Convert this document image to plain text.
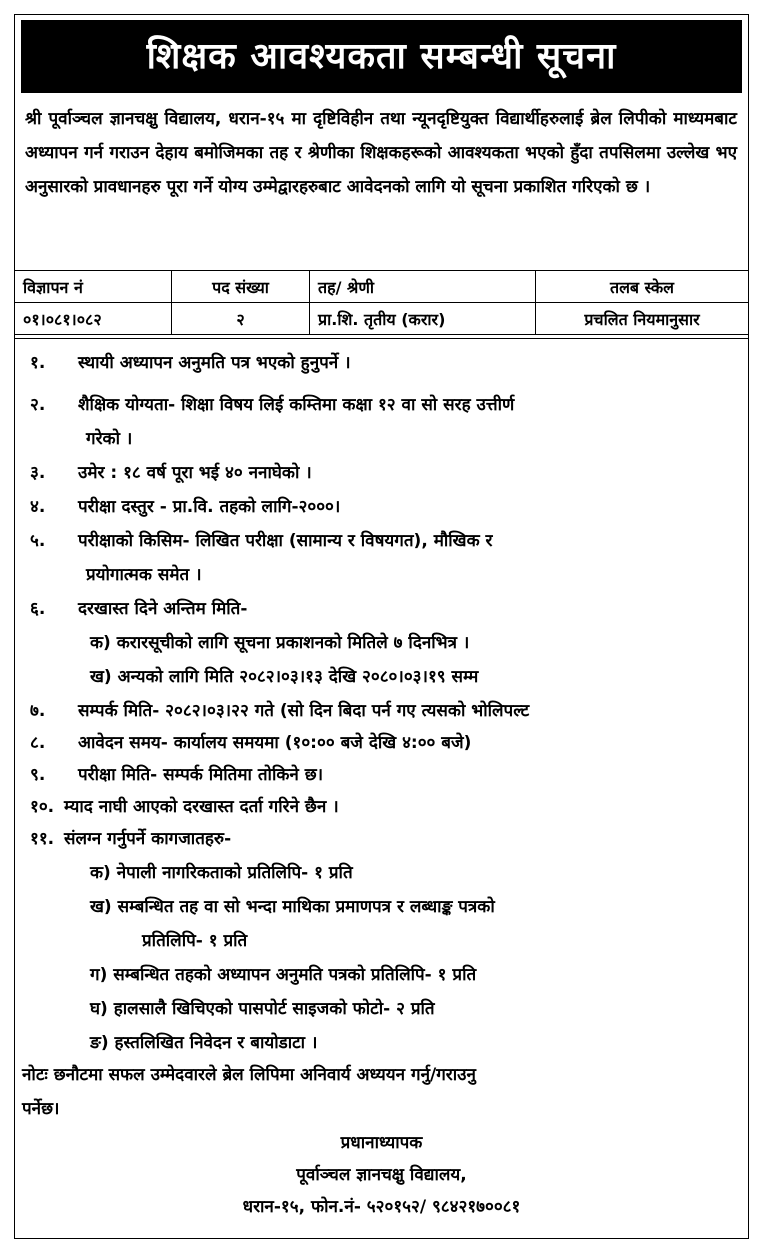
शिक्षक आवश्यकता सम्बन्धी सूचना
श्री पूर्वाञ्चल ज्ञानचक्षु विद्यालय, धरान-१५ मा दृष्टिविहीन तथा न्यूनदृष्टियुक्त विद्यार्थीहरुलाई ब्रेल लिपीको माध्यमबाट अध्यापन गर्न गराउन देहाय बमोजिमका तह र श्रेणीका शिक्षकहरूको आवश्यकता भएको हुँदा तपसिलमा उल्लेख भए अनुसारको प्रावधानहरु पूरा गर्ने योग्य उम्मेद्वारहरुबाट आवेदनको लागि यो सूचना प्रकाशित गरिएको छ ।
विज्ञापन नं	पद संख्या	तह/ श्रेणी	तलब स्केल
०१।०८१।०८२	२	प्रा.शि. तृतीय (करार)	प्रचलित नियमानुसार
१. स्थायी अध्यापन अनुमति पत्र भएको हुनुपर्ने ।
२. शैक्षिक योग्यता- शिक्षा विषय लिई कम्तिमा कक्षा १२ वा सो सरह उत्तीर्ण
गरेको ।
३. उमेर : १८ वर्ष पूरा भई ४० ननाघेको ।
४. परीक्षा दस्तुर - प्रा.वि. तहको लागि-२०००।
५. परीक्षाको किसिम- लिखित परीक्षा (सामान्य र विषयगत), मौखिक र
प्रयोगात्मक समेत ।
६. दरखास्त दिने अन्तिम मिति-
क) करारसूचीको लागि सूचना प्रकाशनको मितिले ७ दिनभित्र ।
ख) अन्यको लागि मिति २०८२।०३।१३ देखि २०८०।०३।१९ सम्म
७. सम्पर्क मिति- २०८२।०३।२२ गते (सो दिन बिदा पर्न गए त्यसको भोलिपल्ट
८. आवेदन समय- कार्यालय समयमा (१०:०० बजे देखि ४:०० बजे)
९. परीक्षा मिति- सम्पर्क मितिमा तोकिने छ।
१०. म्याद नाघी आएको दरखास्त दर्ता गरिने छैन ।
११. संलग्न गर्नुपर्ने कागजातहरु-
क) नेपाली नागरिकताको प्रतिलिपि- १ प्रति
ख) सम्बन्धित तह वा सो भन्दा माथिका प्रमाणपत्र र लब्धाङ्क पत्रको
प्रतिलिपि- १ प्रति
ग) सम्बन्धित तहको अध्यापन अनुमति पत्रको प्रतिलिपि- १ प्रति
घ) हालसालै खिचिएको पासपोर्ट साइजको फोटो- २ प्रति
ङ) हस्तलिखित निवेदन र बायोडाटा ।
नोटः छनौटमा सफल उम्मेदवारले ब्रेल लिपिमा अनिवार्य अध्ययन गर्नु/गराउनु
पर्नेछ।
प्रधानाध्यापक
पूर्वाञ्चल ज्ञानचक्षु विद्यालय,
धरान-१५, फोन.नं- ५२०१५२/ ९८४२१७००८१
